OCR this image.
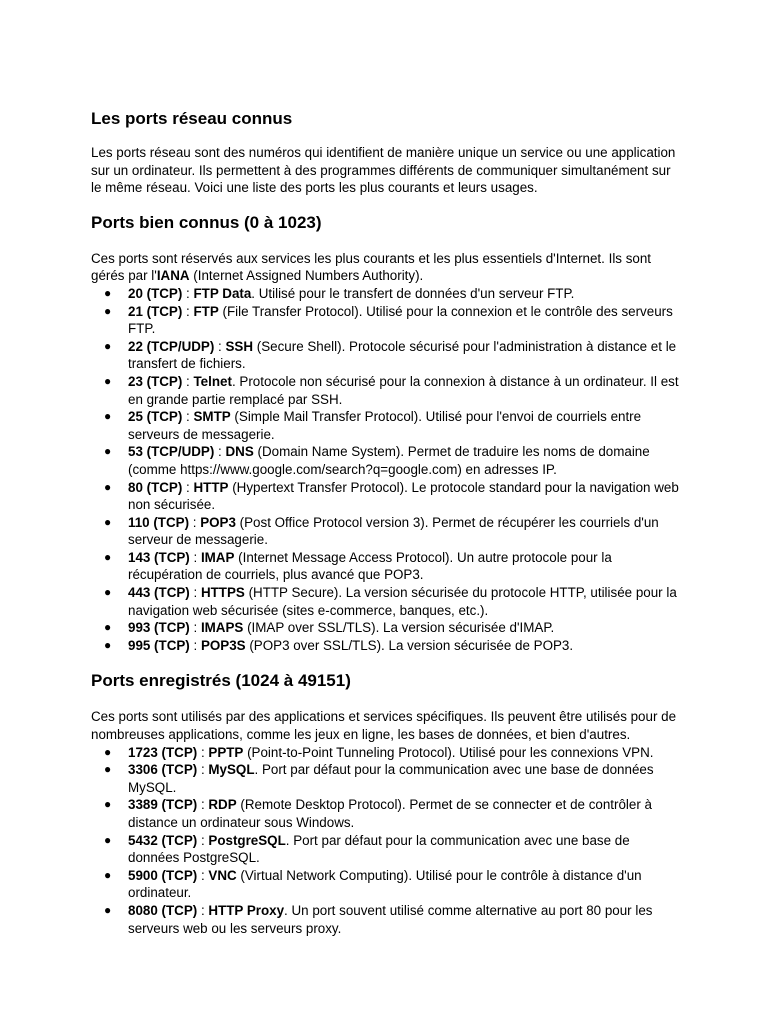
Les ports réseau connus

Les ports réseau sont des numéros qui identifient de manière unique un service ou une application sur un ordinateur. Ils permettent à des programmes différents de communiquer simultanément sur le même réseau. Voici une liste des ports les plus courants et leurs usages.

Ports bien connus (0 à 1023)

Ces ports sont réservés aux services les plus courants et les plus essentiels d'Internet. Ils sont gérés par l'IANA (Internet Assigned Numbers Authority).

● 20 (TCP) : FTP Data. Utilisé pour le transfert de données d'un serveur FTP.
● 21 (TCP) : FTP (File Transfer Protocol). Utilisé pour la connexion et le contrôle des serveurs FTP.
● 22 (TCP/UDP) : SSH (Secure Shell). Protocole sécurisé pour l'administration à distance et le transfert de fichiers.
● 23 (TCP) : Telnet. Protocole non sécurisé pour la connexion à distance à un ordinateur. Il est en grande partie remplacé par SSH.
● 25 (TCP) : SMTP (Simple Mail Transfer Protocol). Utilisé pour l'envoi de courriels entre serveurs de messagerie.
● 53 (TCP/UDP) : DNS (Domain Name System). Permet de traduire les noms de domaine (comme https://www.google.com/search?q=google.com) en adresses IP.
● 80 (TCP) : HTTP (Hypertext Transfer Protocol). Le protocole standard pour la navigation web non sécurisée.
● 110 (TCP) : POP3 (Post Office Protocol version 3). Permet de récupérer les courriels d'un serveur de messagerie.
● 143 (TCP) : IMAP (Internet Message Access Protocol). Un autre protocole pour la récupération de courriels, plus avancé que POP3.
● 443 (TCP) : HTTPS (HTTP Secure). La version sécurisée du protocole HTTP, utilisée pour la navigation web sécurisée (sites e-commerce, banques, etc.).
● 993 (TCP) : IMAPS (IMAP over SSL/TLS). La version sécurisée d'IMAP.
● 995 (TCP) : POP3S (POP3 over SSL/TLS). La version sécurisée de POP3.
Ports enregistrés (1024 à 49151)

Ces ports sont utilisés par des applications et services spécifiques. Ils peuvent être utilisés pour de nombreuses applications, comme les jeux en ligne, les bases de données, et bien d'autres.

● 1723 (TCP) : PPTP (Point-to-Point Tunneling Protocol). Utilisé pour les connexions VPN.
● 3306 (TCP) : MySQL. Port par défaut pour la communication avec une base de données MySQL.
● 3389 (TCP) : RDP (Remote Desktop Protocol). Permet de se connecter et de contrôler à distance un ordinateur sous Windows.
● 5432 (TCP) : PostgreSQL. Port par défaut pour la communication avec une base de données PostgreSQL.
● 5900 (TCP) : VNC (Virtual Network Computing). Utilisé pour le contrôle à distance d'un ordinateur.
● 8080 (TCP) : HTTP Proxy. Un port souvent utilisé comme alternative au port 80 pour les serveurs web ou les serveurs proxy.
